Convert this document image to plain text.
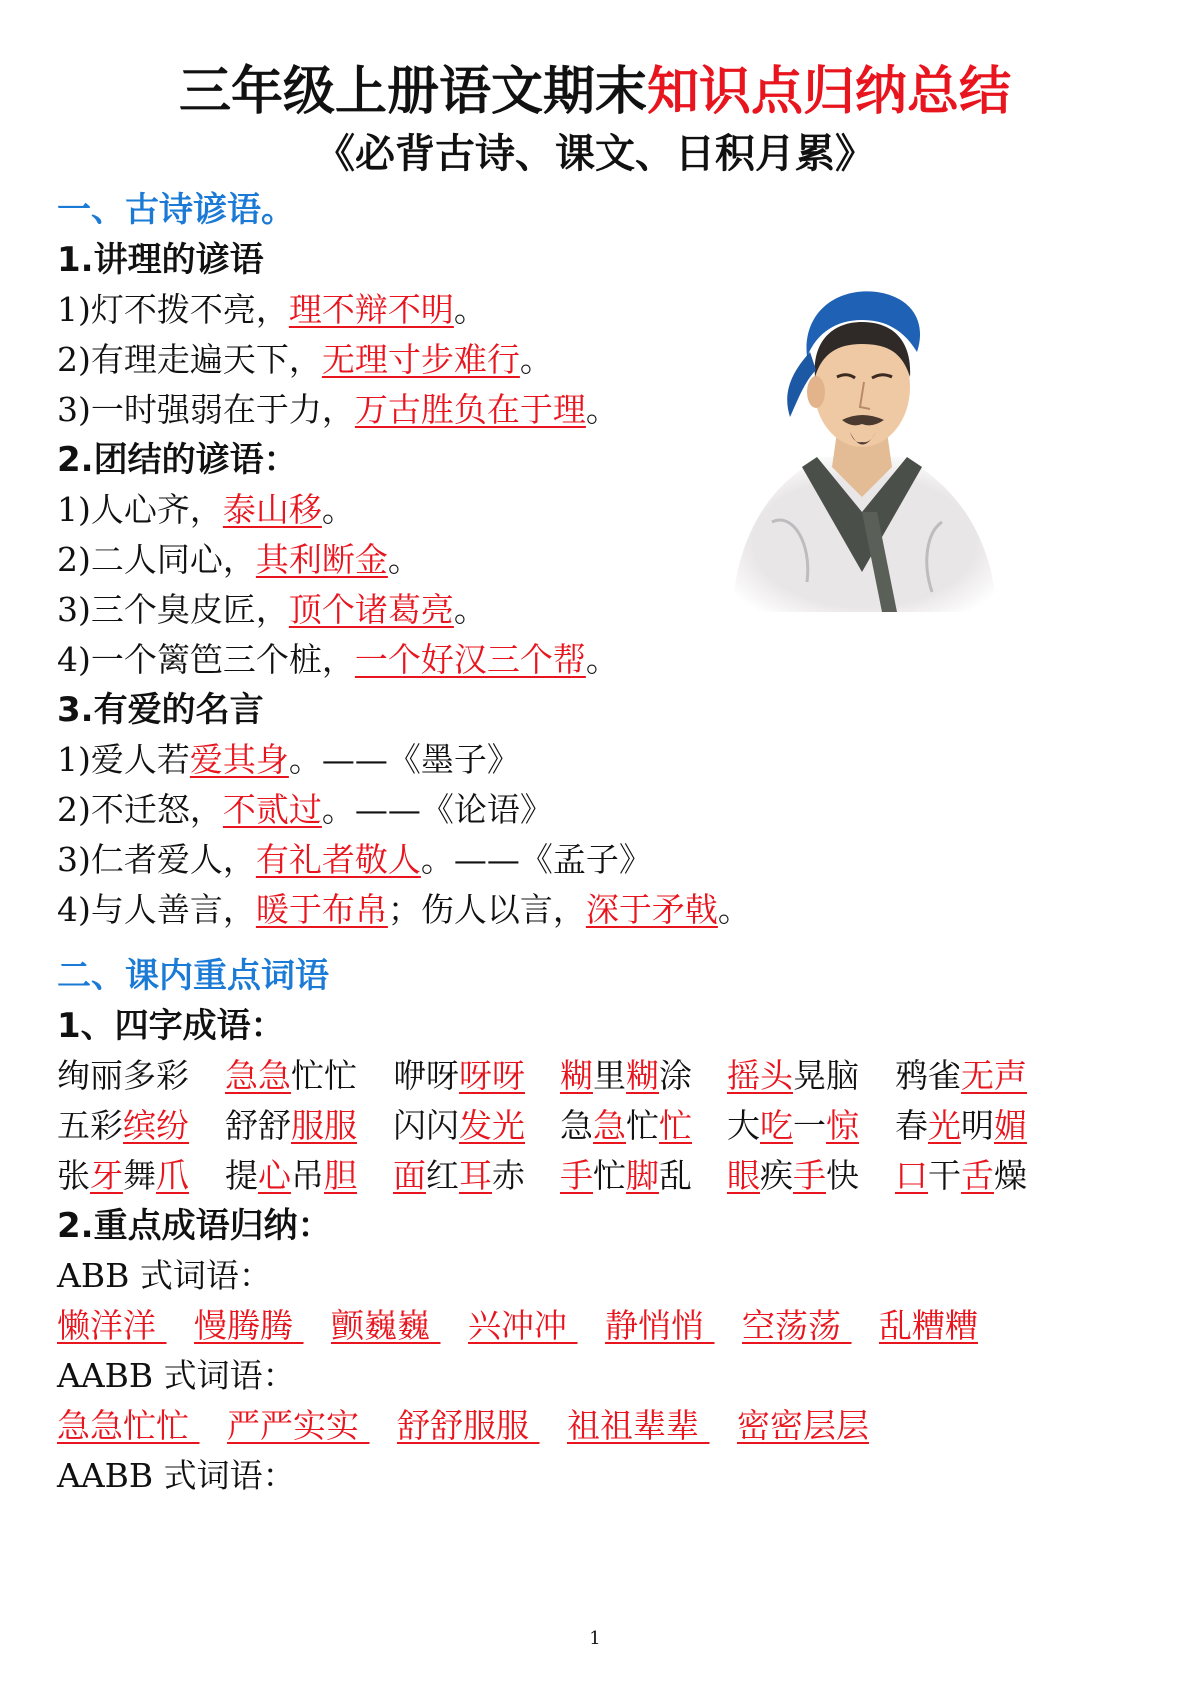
三年级上册语文期末知识点归纳总结
《必背古诗、课文、日积月累》
一、古诗谚语。
1.讲理的谚语
1)灯不拨不亮，理不辩不明。
2)有理走遍天下，无理寸步难行。
3)一时强弱在于力，万古胜负在于理。
2.团结的谚语：
1)人心齐，泰山移。
2)二人同心，其利断金。
3)三个臭皮匠，顶个诸葛亮。
4)一个篱笆三个桩，一个好汉三个帮。
3.有爱的名言
1)爱人若爱其身。——《墨子》
2)不迁怒，不贰过。——《论语》
3)仁者爱人，有礼者敬人。——《孟子》
4)与人善言，暖于布帛；伤人以言，深于矛戟。
二、课内重点词语
1、四字成语：
绚丽多彩 急急忙忙 咿呀呀呀 糊里糊涂 摇头晃脑 鸦雀无声
五彩缤纷 舒舒服服 闪闪发光 急急忙忙 大吃一惊 春光明媚
张牙舞爪 提心吊胆 面红耳赤 手忙脚乱 眼疾手快 口干舌燥
2.重点成语归纳：
ABB 式词语：
懒洋洋 慢腾腾 颤巍巍 兴冲冲 静悄悄 空荡荡 乱糟糟
AABB 式词语：
急急忙忙 严严实实 舒舒服服 祖祖辈辈 密密层层
AABB 式词语：
1
